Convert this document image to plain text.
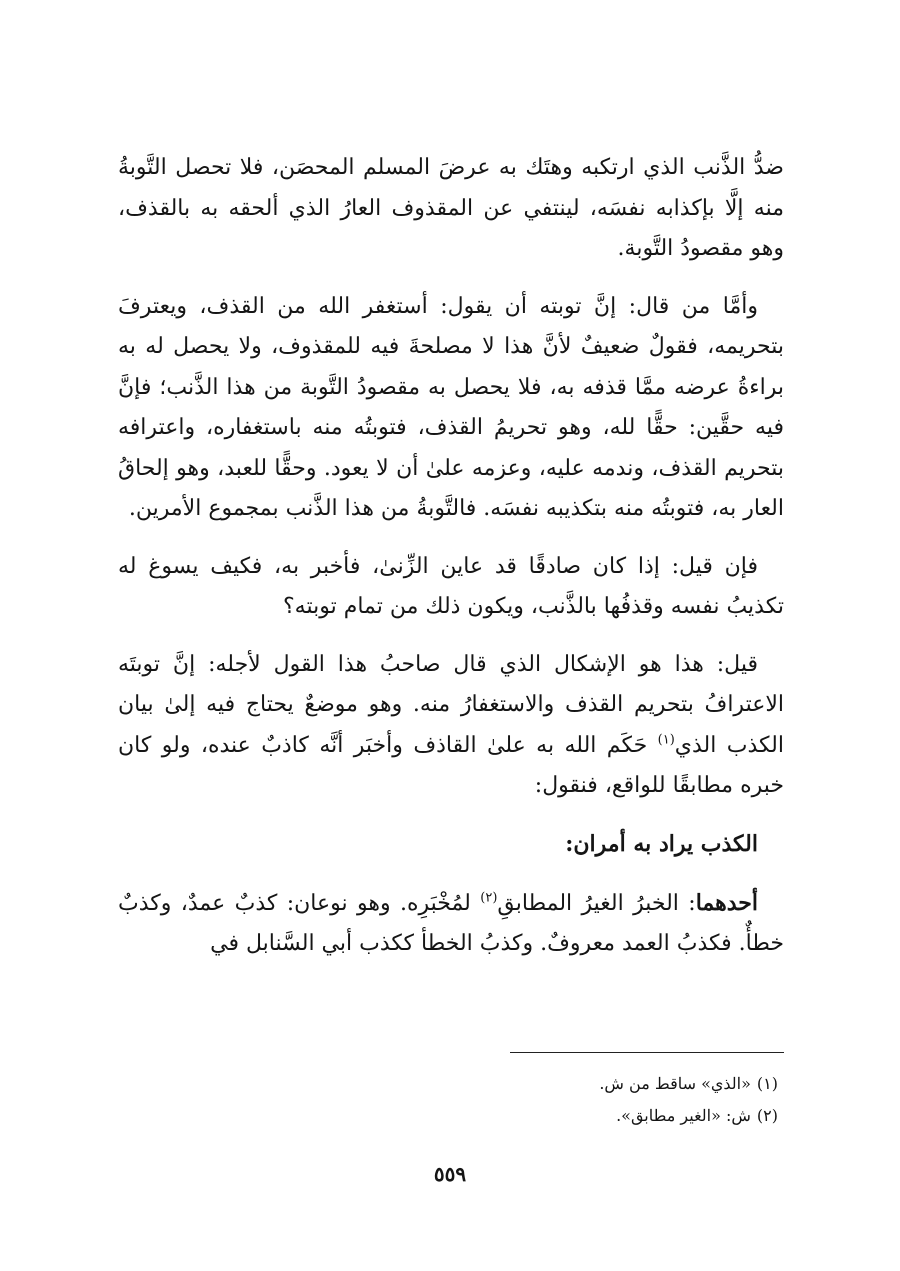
ضدُّ الذَّنب الذي ارتكبه وهتَك به عرضَ المسلم المحصَن، فلا تحصل التَّوبةُ منه إلَّا بإكذابه نفسَه، لينتفي عن المقذوف العارُ الذي ألحقه به بالقذف، وهو مقصودُ التَّوبة.

وأمَّا من قال: إنَّ توبته أن يقول: أستغفر الله من القذف، ويعترفَ بتحريمه، فقولٌ ضعيفٌ لأنَّ هذا لا مصلحةَ فيه للمقذوف، ولا يحصل له به براءةُ عرضه ممَّا قذفه به، فلا يحصل به مقصودُ التَّوبة من هذا الذَّنب؛ فإنَّ فيه حقَّين: حقًّا لله، وهو تحريمُ القذف، فتوبتُه منه باستغفاره، واعترافه بتحريم القذف، وندمه عليه، وعزمه علىٰ أن لا يعود. وحقًّا للعبد، وهو إلحاقُ العار به، فتوبتُه منه بتكذيبه نفسَه. فالتَّوبةُ من هذا الذَّنب بمجموع الأمرين.

فإن قيل: إذا كان صادقًا قد عاين الزِّنىٰ، فأخبر به، فكيف يسوغ له تكذيبُ نفسه وقذفُها بالذَّنب، ويكون ذلك من تمام توبته؟

قيل: هذا هو الإشكال الذي قال صاحبُ هذا القول لأجله: إنَّ توبتَه الاعترافُ بتحريم القذف والاستغفارُ منه. وهو موضعٌ يحتاج فيه إلىٰ بيان الكذب الذي$^{(١)}$ حَكَم الله به علىٰ القاذف وأخبَر أنَّه كاذبٌ عنده، ولو كان خبره مطابقًا للواقع، فنقول:

الكذب يراد به أمران:

أحدهما: الخبرُ الغيرُ المطابقِ$^{(٢)}$ لمُخْبَرِه. وهو نوعان: كذبٌ عمدٌ، وكذبٌ خطأٌ. فكذبُ العمد معروفٌ. وكذبُ الخطأ ككذب أبي السَّنابل في

(١)«الذي» ساقط من ش.

(٢)ش: «الغير مطابق».

٥٥٩
